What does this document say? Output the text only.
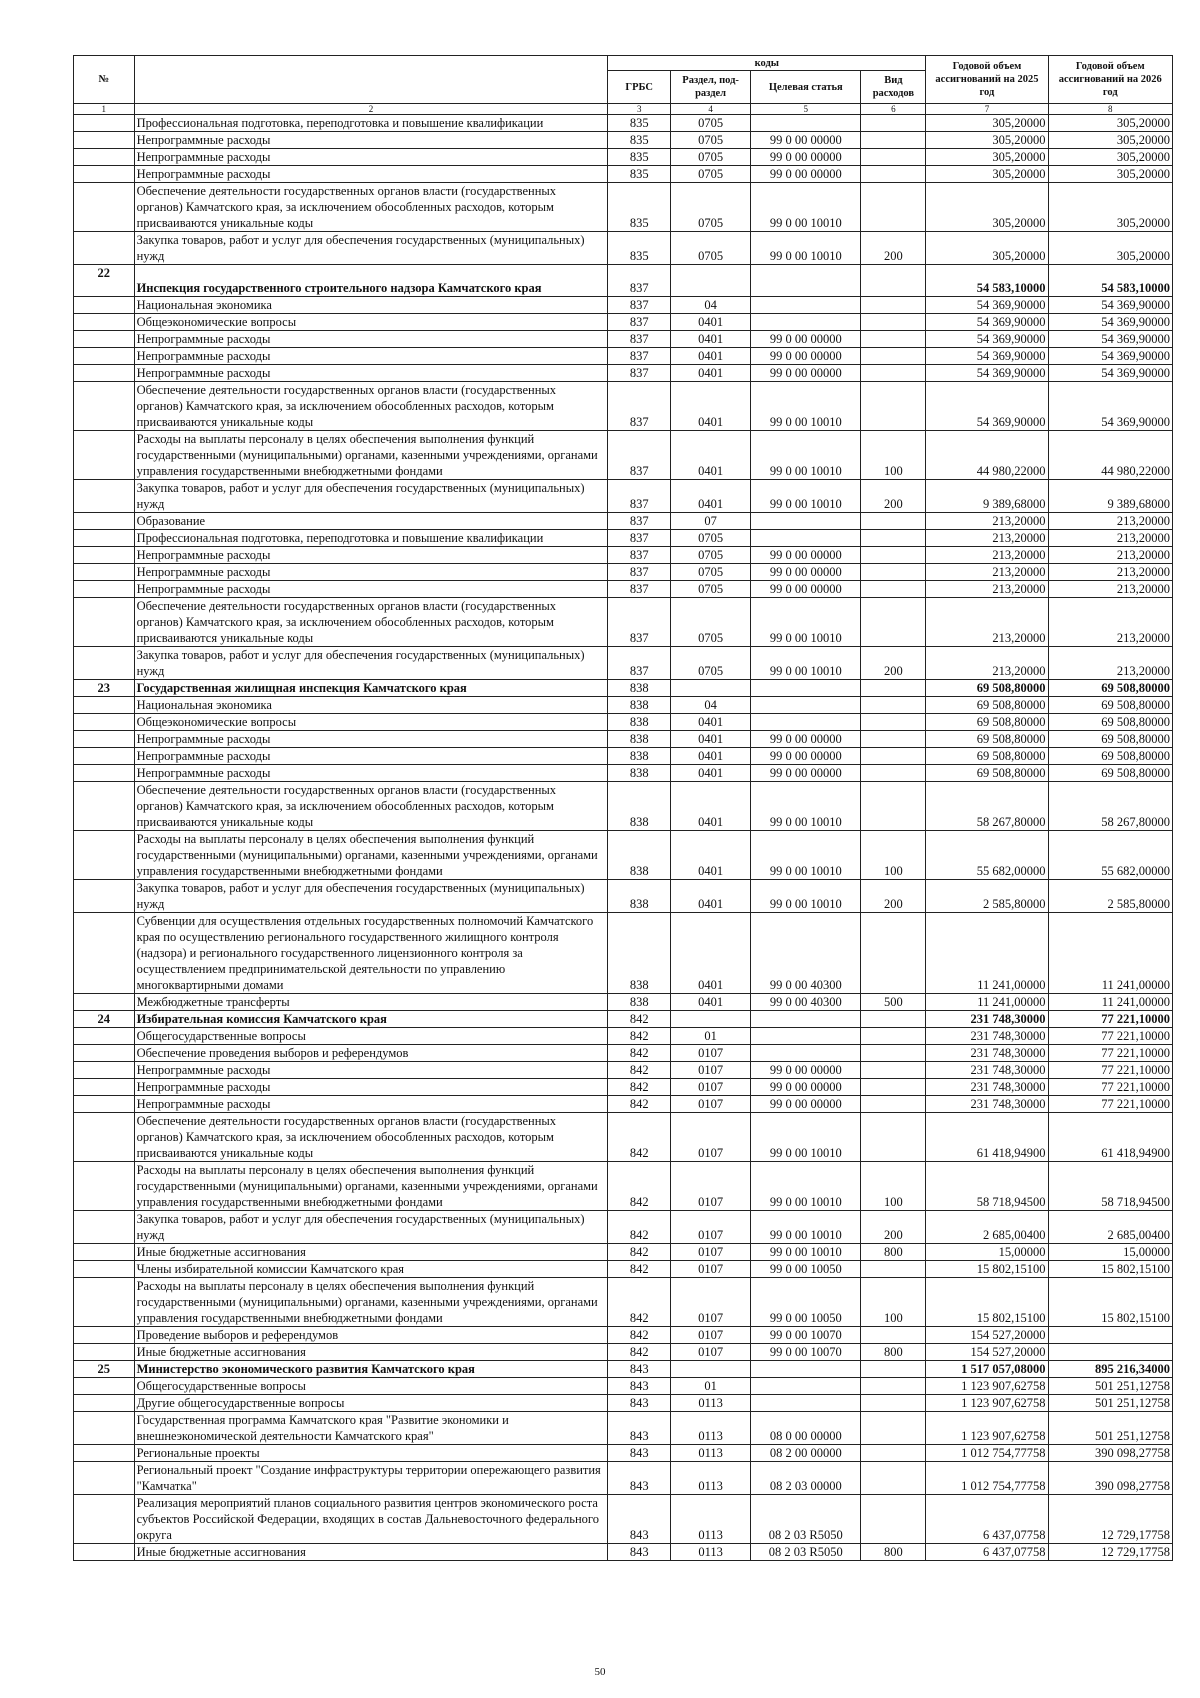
№		коды				Годовой объем ассигнований на 2025 год	Годовой объем ассигнований на 2026 год
		ГРБС	Раздел, под-раздел	Целевая статья	Вид расходов		
1	2	3	4	5	6	7	8
	Профессиональная подготовка, переподготовка и повышение квалификации	835	0705			305,20000	305,20000
	Непрограммные расходы	835	0705	99 0 00 00000		305,20000	305,20000
	Непрограммные расходы	835	0705	99 0 00 00000		305,20000	305,20000
	Непрограммные расходы	835	0705	99 0 00 00000		305,20000	305,20000
	Обеспечение деятельности государственных органов власти (государственных органов) Камчатского края, за исключением обособленных расходов, которым присваиваются уникальные коды	835	0705	99 0 00 10010		305,20000	305,20000
	Закупка товаров, работ и услуг для обеспечения государственных (муниципальных) нужд	835	0705	99 0 00 10010	200	305,20000	305,20000
22	Инспекция государственного строительного надзора Камчатского края	837				54 583,10000	54 583,10000
	Национальная экономика	837	04			54 369,90000	54 369,90000
	Общеэкономические вопросы	837	0401			54 369,90000	54 369,90000
	Непрограммные расходы	837	0401	99 0 00 00000		54 369,90000	54 369,90000
	Непрограммные расходы	837	0401	99 0 00 00000		54 369,90000	54 369,90000
	Непрограммные расходы	837	0401	99 0 00 00000		54 369,90000	54 369,90000
	Обеспечение деятельности государственных органов власти (государственных органов) Камчатского края, за исключением обособленных расходов, которым присваиваются уникальные коды	837	0401	99 0 00 10010		54 369,90000	54 369,90000
	Расходы на выплаты персоналу в целях обеспечения выполнения функций государственными (муниципальными) органами, казенными учреждениями, органами управления государственными внебюджетными фондами	837	0401	99 0 00 10010	100	44 980,22000	44 980,22000
	Закупка товаров, работ и услуг для обеспечения государственных (муниципальных) нужд	837	0401	99 0 00 10010	200	9 389,68000	9 389,68000
	Образование	837	07			213,20000	213,20000
	Профессиональная подготовка, переподготовка и повышение квалификации	837	0705			213,20000	213,20000
	Непрограммные расходы	837	0705	99 0 00 00000		213,20000	213,20000
	Непрограммные расходы	837	0705	99 0 00 00000		213,20000	213,20000
	Непрограммные расходы	837	0705	99 0 00 00000		213,20000	213,20000
	Обеспечение деятельности государственных органов власти (государственных органов) Камчатского края, за исключением обособленных расходов, которым присваиваются уникальные коды	837	0705	99 0 00 10010		213,20000	213,20000
	Закупка товаров, работ и услуг для обеспечения государственных (муниципальных) нужд	837	0705	99 0 00 10010	200	213,20000	213,20000
23	Государственная жилищная инспекция Камчатского края	838				69 508,80000	69 508,80000
	Национальная экономика	838	04			69 508,80000	69 508,80000
	Общеэкономические вопросы	838	0401			69 508,80000	69 508,80000
	Непрограммные расходы	838	0401	99 0 00 00000		69 508,80000	69 508,80000
	Непрограммные расходы	838	0401	99 0 00 00000		69 508,80000	69 508,80000
	Непрограммные расходы	838	0401	99 0 00 00000		69 508,80000	69 508,80000
	Обеспечение деятельности государственных органов власти (государственных органов) Камчатского края, за исключением обособленных расходов, которым присваиваются уникальные коды	838	0401	99 0 00 10010		58 267,80000	58 267,80000
	Расходы на выплаты персоналу в целях обеспечения выполнения функций государственными (муниципальными) органами, казенными учреждениями, органами управления государственными внебюджетными фондами	838	0401	99 0 00 10010	100	55 682,00000	55 682,00000
	Закупка товаров, работ и услуг для обеспечения государственных (муниципальных) нужд	838	0401	99 0 00 10010	200	2 585,80000	2 585,80000
	Субвенции для осуществления отдельных государственных полномочий Камчатского края по осуществлению регионального государственного жилищного контроля (надзора) и регионального государственного лицензионного контроля за осуществлением предпринимательской деятельности по управлению многоквартирными домами	838	0401	99 0 00 40300		11 241,00000	11 241,00000
	Межбюджетные трансферты	838	0401	99 0 00 40300	500	11 241,00000	11 241,00000
24	Избирательная комиссия Камчатского края	842				231 748,30000	77 221,10000
	Общегосударственные вопросы	842	01			231 748,30000	77 221,10000
	Обеспечение проведения выборов и референдумов	842	0107			231 748,30000	77 221,10000
	Непрограммные расходы	842	0107	99 0 00 00000		231 748,30000	77 221,10000
	Непрограммные расходы	842	0107	99 0 00 00000		231 748,30000	77 221,10000
	Непрограммные расходы	842	0107	99 0 00 00000		231 748,30000	77 221,10000
	Обеспечение деятельности государственных органов власти (государственных органов) Камчатского края, за исключением обособленных расходов, которым присваиваются уникальные коды	842	0107	99 0 00 10010		61 418,94900	61 418,94900
	Расходы на выплаты персоналу в целях обеспечения выполнения функций государственными (муниципальными) органами, казенными учреждениями, органами управления государственными внебюджетными фондами	842	0107	99 0 00 10010	100	58 718,94500	58 718,94500
	Закупка товаров, работ и услуг для обеспечения государственных (муниципальных) нужд	842	0107	99 0 00 10010	200	2 685,00400	2 685,00400
	Иные бюджетные ассигнования	842	0107	99 0 00 10010	800	15,00000	15,00000
	Члены избирательной комиссии Камчатского края	842	0107	99 0 00 10050		15 802,15100	15 802,15100
	Расходы на выплаты персоналу в целях обеспечения выполнения функций государственными (муниципальными) органами, казенными учреждениями, органами управления государственными внебюджетными фондами	842	0107	99 0 00 10050	100	15 802,15100	15 802,15100
	Проведение выборов и референдумов	842	0107	99 0 00 10070		154 527,20000	
	Иные бюджетные ассигнования	842	0107	99 0 00 10070	800	154 527,20000	
25	Министерство экономического развития Камчатского края	843				1 517 057,08000	895 216,34000
	Общегосударственные вопросы	843	01			1 123 907,62758	501 251,12758
	Другие общегосударственные вопросы	843	0113			1 123 907,62758	501 251,12758
	Государственная программа Камчатского края "Развитие экономики и внешнеэкономической деятельности Камчатского края"	843	0113	08 0 00 00000		1 123 907,62758	501 251,12758
	Региональные проекты	843	0113	08 2 00 00000		1 012 754,77758	390 098,27758
	Региональный проект "Создание инфраструктуры территории опережающего развития "Камчатка"	843	0113	08 2 03 00000		1 012 754,77758	390 098,27758
	Реализация мероприятий планов социального развития центров экономического роста субъектов Российской Федерации, входящих в состав Дальневосточного федерального округа	843	0113	08 2 03 R5050		6 437,07758	12 729,17758
	Иные бюджетные ассигнования	843	0113	08 2 03 R5050	800	6 437,07758	12 729,17758
50
